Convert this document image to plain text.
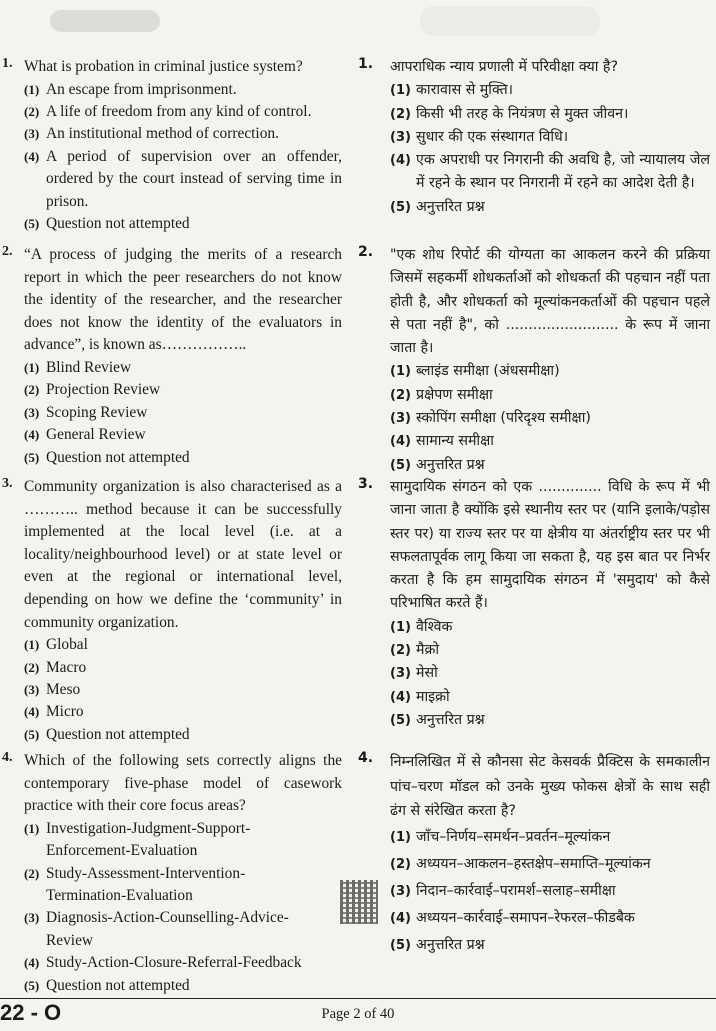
1. What is probation in criminal justice system?
(1) An escape from imprisonment.
(2) A life of freedom from any kind of control.
(3) An institutional method of correction.
(4) A period of supervision over an offender, ordered by the court instead of serving time in prison.
(5) Question not attempted
2. “A process of judging the merits of a research report in which the peer researchers do not know the identity of the researcher, and the researcher does not know the identity of the evaluators in advance”, is known as……………..
(1) Blind Review
(2) Projection Review
(3) Scoping Review
(4) General Review
(5) Question not attempted
3. Community organization is also characterised as a ……….. method because it can be successfully implemented at the local level (i.e. at a locality/neighbourhood level) or at state level or even at the regional or international level, depending on how we define the ‘community’ in community organization.
(1) Global
(2) Macro
(3) Meso
(4) Micro
(5) Question not attempted
4. Which of the following sets correctly aligns the contemporary five-phase model of casework practice with their core focus areas?
(1) Investigation-Judgment-Support-Enforcement-Evaluation
(2) Study-Assessment-Intervention-Termination-Evaluation
(3) Diagnosis-Action-Counselling-Advice-Review
(4) Study-Action-Closure-Referral-Feedback
(5) Question not attempted
1. आपराधिक न्याय प्रणाली में परिवीक्षा क्या है?
(1) कारावास से मुक्ति।
(2) किसी भी तरह के नियंत्रण से मुक्त जीवन।
(3) सुधार की एक संस्थागत विधि।
(4) एक अपराधी पर निगरानी की अवधि है, जो न्यायालय जेल में रहने के स्थान पर निगरानी में रहने का आदेश देती है।
(5) अनुत्तरित प्रश्न
2. "एक शोध रिपोर्ट की योग्यता का आकलन करने की प्रक्रिया जिसमें सहकर्मी शोधकर्ताओं को शोधकर्ता की पहचान नहीं पता होती है, और शोधकर्ता को मूल्यांकनकर्ताओं की पहचान पहले से पता नहीं है", को ......................... के रूप में जाना जाता है।
(1) ब्लाइंड समीक्षा (अंधसमीक्षा)
(2) प्रक्षेपण समीक्षा
(3) स्कोपिंग समीक्षा (परिदृश्य समीक्षा)
(4) सामान्य समीक्षा
(5) अनुत्तरित प्रश्न
3. सामुदायिक संगठन को एक .............. विधि के रूप में भी जाना जाता है क्योंकि इसे स्थानीय स्तर पर (यानि इलाके/पड़ोस स्तर पर) या राज्य स्तर पर या क्षेत्रीय या अंतर्राष्ट्रीय स्तर पर भी सफलतापूर्वक लागू किया जा सकता है, यह इस बात पर निर्भर करता है कि हम सामुदायिक संगठन में 'समुदाय' को कैसे परिभाषित करते हैं।
(1) वैश्विक
(2) मैक्रो
(3) मेसो
(4) माइक्रो
(5) अनुत्तरित प्रश्न
4. निम्नलिखित में से कौनसा सेट केसवर्क प्रैक्टिस के समकालीन पांच–चरण मॉडल को उनके मुख्य फोकस क्षेत्रों के साथ सही ढंग से संरेखित करता है?
(1) जाँच–निर्णय–समर्थन–प्रवर्तन–मूल्यांकन
(2) अध्ययन–आकलन–हस्तक्षेप–समाप्ति–मूल्यांकन
(3) निदान–कार्रवाई–परामर्श–सलाह–समीक्षा
(4) अध्ययन–कार्रवाई–समापन–रेफरल–फीडबैक
(5) अनुत्तरित प्रश्न
22 - O	Page 2 of 40
